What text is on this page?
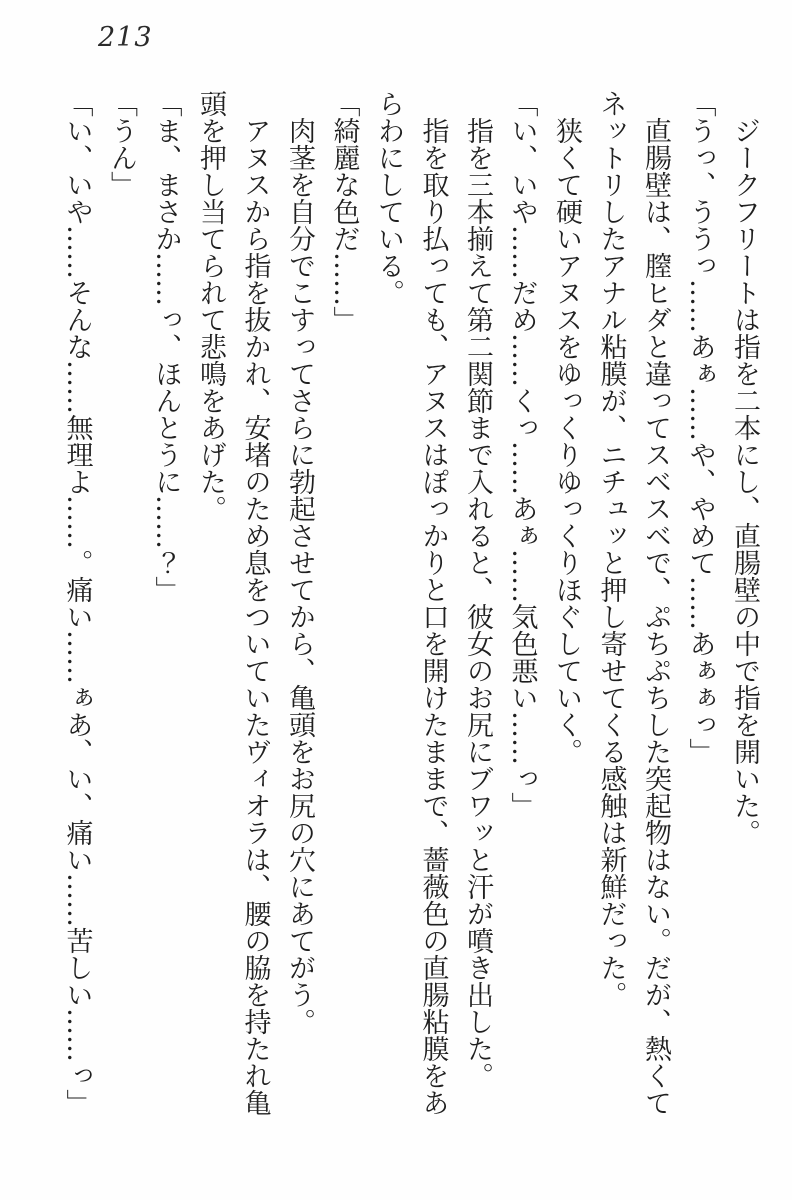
213

ジークフリートは指を二本にし、直腸壁の中で指を開いた。

「うっ、ううっ……あぁ……や、やめて……あぁぁっ」

直腸壁は、膣ヒダと違ってスベスベで、ぷちぷちした突起物はない。だが、熱くてネットリしたアナル粘膜が、ニチュッと押し寄せてくる感触は新鮮だった。

狭くて硬いアヌスをゆっくりゆっくりほぐしていく。

「い、いや……だめ……くっ……あぁ……気色悪い……っ」

指を三本揃えて第二関節まで入れると、彼女のお尻にブワッと汗が噴き出した。

指を取り払っても、アヌスはぽっかりと口を開けたままで、薔薇色の直腸粘膜をあらわにしている。

「綺麗な色だ……」

肉茎を自分でこすってさらに勃起させてから、亀頭をお尻の穴にあてがう。

アヌスから指を抜かれ、安堵のため息をついていたヴィオラは、腰の脇を持たれ亀頭を押し当てられて悲鳴をあげた。

「ま、まさか……っ、ほんとうに……？」

「うん」

「い、いや……そんな……無理よ……。痛い……ぁあ、い、痛い……苦しい……っ」
